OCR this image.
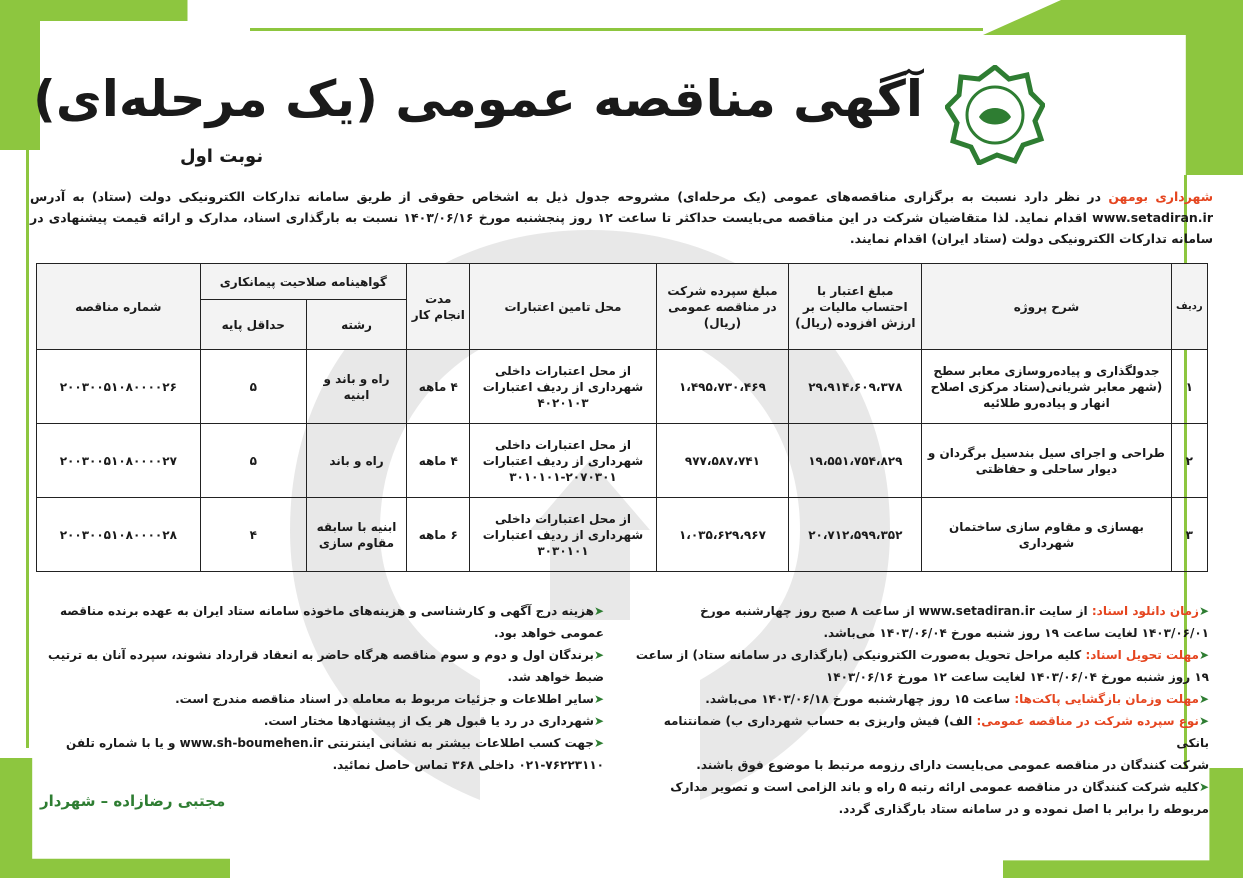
آگهی مناقصه عمومی (یک مرحله‌ای)
نوبت اول
شهرداری بومهن در نظر دارد نسبت به برگزاری مناقصه‌های عمومی (یک مرحله‌ای) مشروحه جدول ذیل به اشخاص حقوقی از طریق سامانه تدارکات الکترونیکی دولت (ستاد) به آدرس www.setadiran.ir اقدام نماید. لذا متقاضیان شرکت در این مناقصه می‌بایست حداکثر تا ساعت ۱۲ روز پنجشنبه مورخ ۱۴۰۳/۰۶/۱۶ نسبت به بارگذاری اسناد، مدارک و ارائه قیمت پیشنهادی در سامانه تدارکات الکترونیکی دولت (ستاد ایران) اقدام نمایند.
ردیف	شرح پروژه	مبلغ اعتبار با احتساب مالیات بر ارزش افزوده (ریال)	مبلغ سپرده شرکت در مناقصه عمومی (ریال)	محل تامین اعتبارات	مدت انجام کار	گواهینامه صلاحیت پیمانکاری		شماره مناقصه
						رشته	حداقل پایه	
۱	جدولگذاری و پیاده‌روسازی معابر سطح (شهر معابر شریانی(ستاد مرکزی اصلاح انهار و پیاده‌رو طلائیه	۲۹،۹۱۴،۶۰۹،۳۷۸	۱،۴۹۵،۷۳۰،۴۶۹	از محل اعتبارات داخلی شهرداری از ردیف اعتبارات ۴۰۲۰۱۰۳	۴ ماهه	راه و باند و ابنیه	۵	۲۰۰۳۰۰۵۱۰۸۰۰۰۰۲۶
۲	طراحی و اجرای سیل بندسیل برگردان و دیوار ساحلی و حفاظتی	۱۹،۵۵۱،۷۵۴،۸۲۹	۹۷۷،۵۸۷،۷۴۱	از محل اعتبارات داخلی شهرداری از ردیف اعتبارات ۲۰۷۰۳۰۱-۳۰۱۰۱۰۱	۴ ماهه	راه و باند	۵	۲۰۰۳۰۰۵۱۰۸۰۰۰۰۲۷
۳	بهسازی و مقاوم سازی ساختمان شهرداری	۲۰،۷۱۲،۵۹۹،۳۵۲	۱،۰۳۵،۶۲۹،۹۶۷	از محل اعتبارات داخلی شهرداری از ردیف اعتبارات ۳۰۳۰۱۰۱	۶ ماهه	ابنیه با سابقه مقاوم سازی	۴	۲۰۰۳۰۰۵۱۰۸۰۰۰۰۲۸

➤زمان دانلود اسناد: از سایت www.setadiran.ir از ساعت ۸ صبح روز چهارشنبه مورخ ۱۴۰۳/۰۶/۰۱ لغایت ساعت ۱۹ روز شنبه مورخ ۱۴۰۳/۰۶/۰۴ می‌باشد.

➤مهلت تحویل اسناد: کلیه مراحل تحویل به‌صورت الکترونیکی (بارگذاری در سامانه ستاد) از ساعت ۱۹ روز شنبه مورخ ۱۴۰۳/۰۶/۰۴ لغایت ساعت ۱۲ مورخ ۱۴۰۳/۰۶/۱۶

➤مهلت وزمان بازگشایی پاکت‌ها: ساعت ۱۵ روز چهارشنبه مورخ ۱۴۰۳/۰۶/۱۸ می‌باشد.

➤نوع سپرده شرکت در مناقصه عمومی: الف) فیش واریزی به حساب شهرداری ب) ضمانتنامه بانکی

شرکت کنندگان در مناقصه عمومی می‌بایست دارای رزومه مرتبط با موضوع فوق باشند.

➤کلیه شرکت کنندگان در مناقصه عمومی ارائه رتبه ۵ راه و باند الزامی است و تصویر مدارک مربوطه را برابر با اصل نموده و در سامانه ستاد بارگذاری گردد.

➤هزینه درج آگهی و کارشناسی و هزینه‌های ماخوذه سامانه ستاد ایران به عهده برنده مناقصه عمومی خواهد بود.

➤برندگان اول و دوم و سوم مناقصه هرگاه حاضر به انعقاد قرارداد نشوند، سپرده آنان به ترتیب ضبط خواهد شد.

➤سایر اطلاعات و جزئیات مربوط به معامله در اسناد مناقصه مندرج است.

➤شهرداری در رد یا قبول هر یک از پیشنهادها مختار است.

➤جهت کسب اطلاعات بیشتر به نشانی اینترنتی www.sh-boumehen.ir و یا با شماره تلفن ۷۶۲۲۳۱۱۰-۰۲۱ داخلی ۳۶۸ تماس حاصل نمائید.

مجتبی رضازاده – شهردار
